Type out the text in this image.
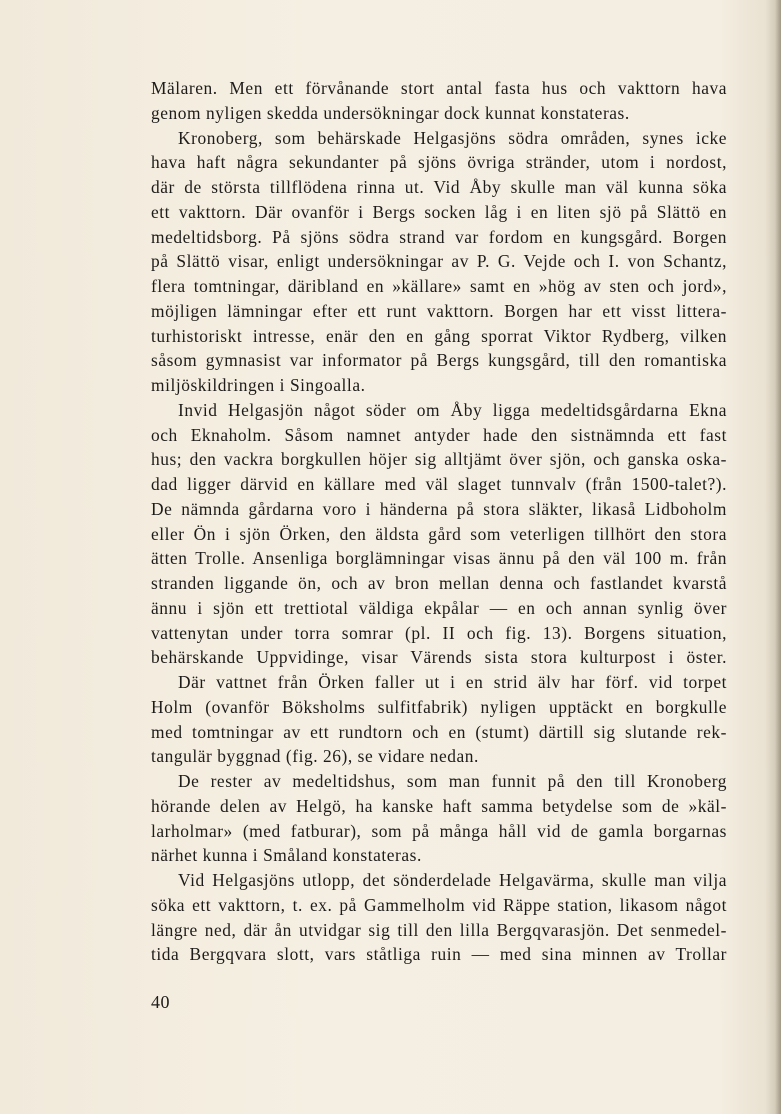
Mälaren. Men ett förvånande stort antal fasta hus och vakttorn hava
genom nyligen skedda undersökningar dock kunnat konstateras.
Kronoberg, som behärskade Helgasjöns södra områden, synes icke
hava haft några sekundanter på sjöns övriga stränder, utom i nordost,
där de största tillflödena rinna ut. Vid Åby skulle man väl kunna söka
ett vakttorn. Där ovanför i Bergs socken låg i en liten sjö på Slättö en
medeltidsborg. På sjöns södra strand var fordom en kungsgård. Borgen
på Slättö visar, enligt undersökningar av P. G. Vejde och I. von Schantz,
flera tomtningar, däribland en »källare» samt en »hög av sten och jord»,
möjligen lämningar efter ett runt vakttorn. Borgen har ett visst littera-
turhistoriskt intresse, enär den en gång sporrat Viktor Rydberg, vilken
såsom gymnasist var informator på Bergs kungsgård, till den romantiska
miljöskildringen i Singoalla.
Invid Helgasjön något söder om Åby ligga medeltidsgårdarna Ekna
och Eknaholm. Såsom namnet antyder hade den sistnämnda ett fast
hus; den vackra borgkullen höjer sig alltjämt över sjön, och ganska oska-
dad ligger därvid en källare med väl slaget tunnvalv (från 1500-talet?).
De nämnda gårdarna voro i händerna på stora släkter, likaså Lidboholm
eller Ön i sjön Örken, den äldsta gård som veterligen tillhört den stora
ätten Trolle. Ansenliga borglämningar visas ännu på den väl 100 m. från
stranden liggande ön, och av bron mellan denna och fastlandet kvarstå
ännu i sjön ett trettiotal väldiga ekpålar — en och annan synlig över
vattenytan under torra somrar (pl. II och fig. 13). Borgens situation,
behärskande Uppvidinge, visar Värends sista stora kulturpost i öster.
Där vattnet från Örken faller ut i en strid älv har förf. vid torpet
Holm (ovanför Böksholms sulfitfabrik) nyligen upptäckt en borgkulle
med tomtningar av ett rundtorn och en (stumt) därtill sig slutande rek-
tangulär byggnad (fig. 26), se vidare nedan.
De rester av medeltidshus, som man funnit på den till Kronoberg
hörande delen av Helgö, ha kanske haft samma betydelse som de »käl-
larholmar» (med fatburar), som på många håll vid de gamla borgarnas
närhet kunna i Småland konstateras.
Vid Helgasjöns utlopp, det sönderdelade Helgavärma, skulle man vilja
söka ett vakttorn, t. ex. på Gammelholm vid Räppe station, likasom något
längre ned, där ån utvidgar sig till den lilla Bergqvarasjön. Det senmedel-
tida Bergqvara slott, vars ståtliga ruin — med sina minnen av Trollar
40
